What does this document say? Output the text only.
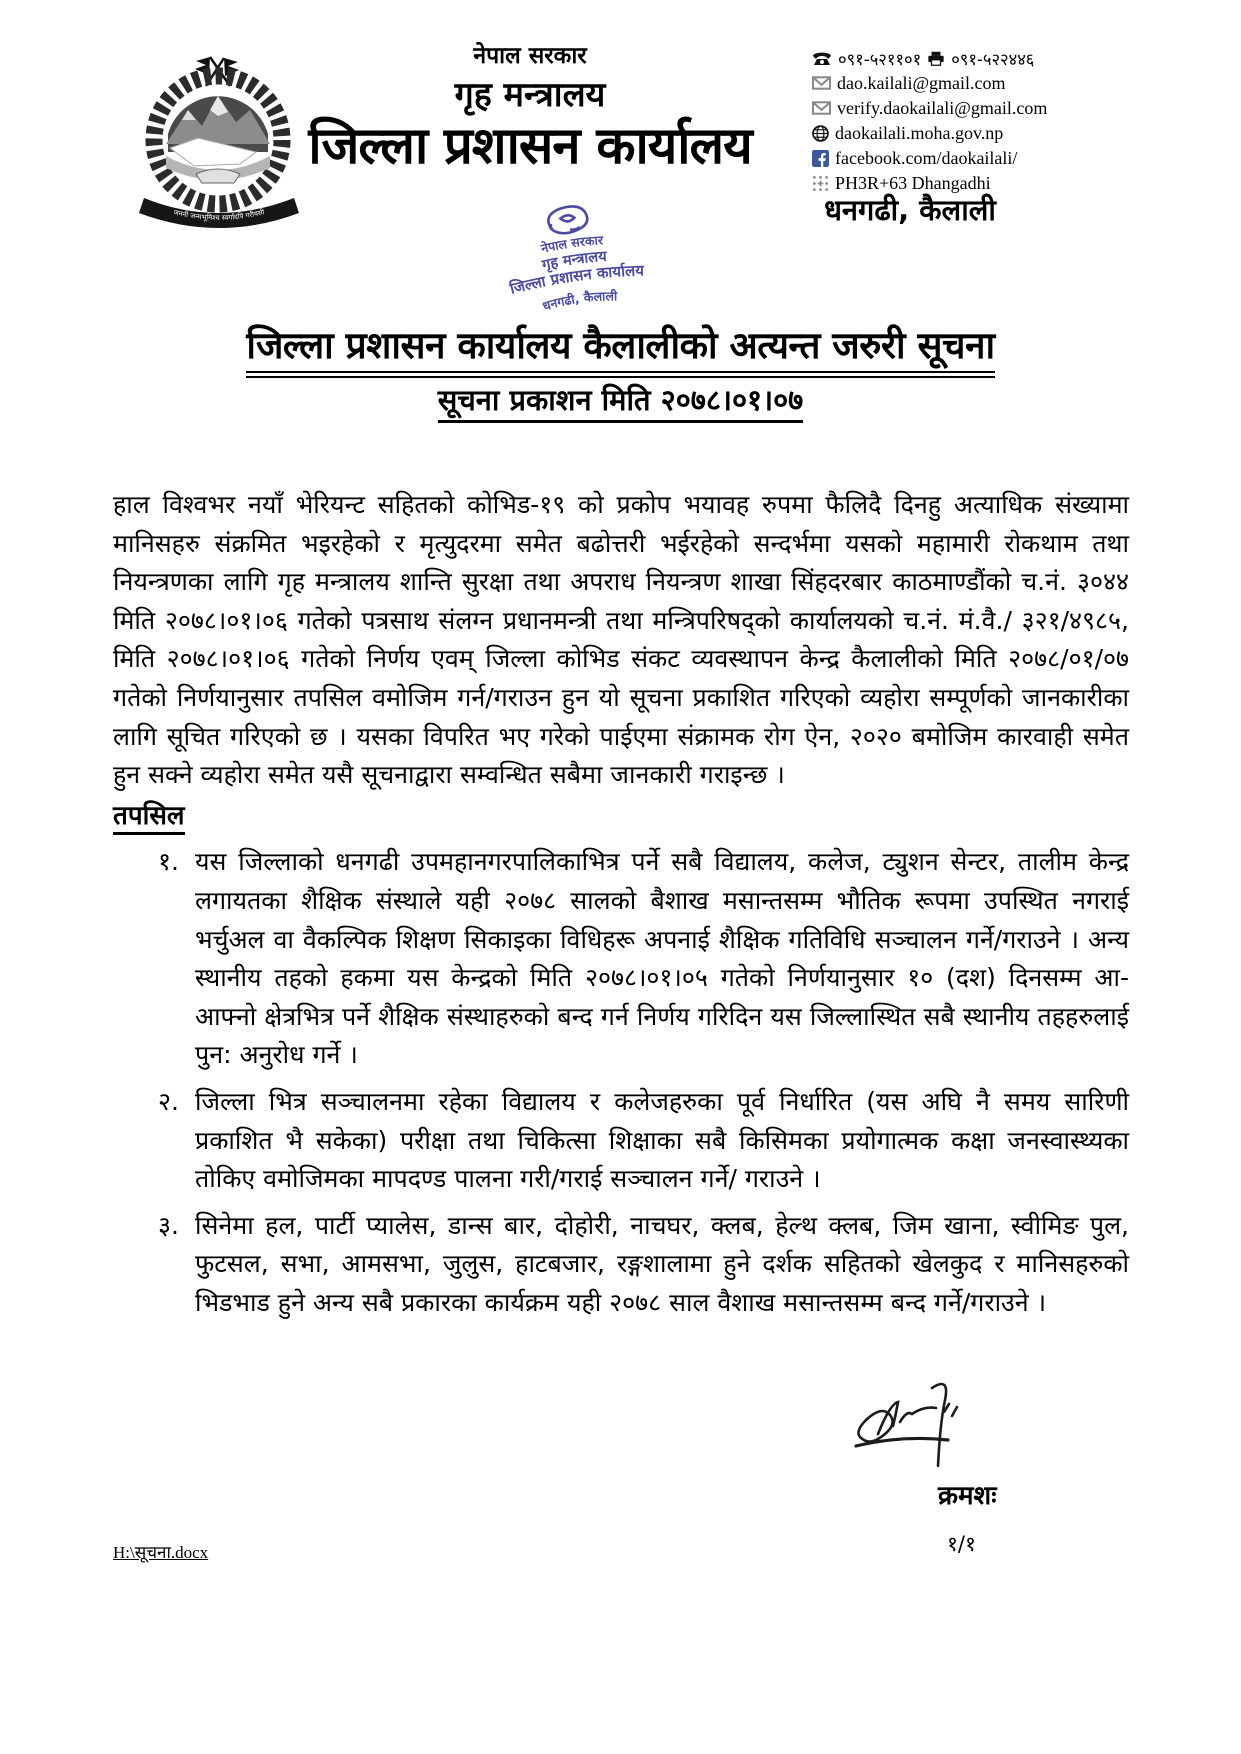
जननी जन्मभूमिश्च स्वर्गादपि गरीयसी
नेपाल सरकार
गृह मन्त्रालय
जिल्ला प्रशासन कार्यालय
०९१-५२११०१ ०९१-५२२४४६
dao.kailali@gmail.com
verify.daokailali@gmail.com
daokailali.moha.gov.np
facebook.com/daokailali/
PH3R+63 Dhangadhi
धनगढी, कैलाली
नेपाल सरकार
गृह मन्त्रालय
जिल्ला प्रशासन कार्यालय
धनगढी, कैलाली
जिल्ला प्रशासन कार्यालय कैलालीको अत्यन्त जरुरी सूचना
सूचना प्रकाशन मिति २०७८।०१।०७

हाल विश्वभर नयाँ भेरियन्ट सहितको कोभिड-१९ को प्रकोप भयावह रुपमा फैलिदै दिनहु अत्याधिक संख्यामा मानिसहरु संक्रमित भइरहेको र मृत्युदरमा समेत बढोत्तरी भईरहेको सन्दर्भमा यसको महामारी रोकथाम तथा नियन्त्रणका लागि गृह मन्त्रालय शान्ति सुरक्षा तथा अपराध नियन्त्रण शाखा सिंहदरबार काठमाण्डौंको च.नं. ३०४४ मिति २०७८।०१।०६ गतेको पत्रसाथ संलग्न प्रधानमन्त्री तथा मन्त्रिपरिषद्को कार्यालयको च.नं. मं.वै./ ३२१/४९८५, मिति २०७८।०१।०६ गतेको निर्णय एवम् जिल्ला कोभिड संकट व्यवस्थापन केन्द्र कैलालीको मिति २०७८/०१/०७ गतेको निर्णयानुसार तपसिल वमोजिम गर्न/गराउन हुन यो सूचना प्रकाशित गरिएको व्यहोरा सम्पूर्णको जानकारीका लागि सूचित गरिएको छ । यसका विपरित भए गरेको पाईएमा संक्रामक रोग ऐन, २०२० बमोजिम कारवाही समेत हुन सक्ने व्यहोरा समेत यसै सूचनाद्वारा सम्वन्धित सबैमा जानकारी गराइन्छ ।

तपसिल
१. यस जिल्लाको धनगढी उपमहानगरपालिकाभित्र पर्ने सबै विद्यालय, कलेज, ट्युशन सेन्टर, तालीम केन्द्र लगायतका शैक्षिक संस्थाले यही २०७८ सालको बैशाख मसान्तसम्म भौतिक रूपमा उपस्थित नगराई भर्चुअल वा वैकल्पिक शिक्षण सिकाइका विधिहरू अपनाई शैक्षिक गतिविधि सञ्चालन गर्ने/गराउने । अन्य स्थानीय तहको हकमा यस केन्द्रको मिति २०७८।०१।०५ गतेको निर्णयानुसार १० (दश) दिनसम्म आ-आफ्नो क्षेत्रभित्र पर्ने शैक्षिक संस्थाहरुको बन्द गर्न निर्णय गरिदिन यस जिल्लास्थित सबै स्थानीय तहहरुलाई पुन: अनुरोध गर्ने ।
२. जिल्ला भित्र सञ्चालनमा रहेका विद्यालय र कलेजहरुका पूर्व निर्धारित (यस अघि नै समय सारिणी प्रकाशित भै सकेका) परीक्षा तथा चिकित्सा शिक्षाका सबै किसिमका प्रयोगात्मक कक्षा जनस्वास्थ्यका तोकिए वमोजिमका मापदण्ड पालना गरी/गराई सञ्चालन गर्ने/ गराउने ।
३. सिनेमा हल, पार्टी प्यालेस, डान्स बार, दोहोरी, नाचघर, क्लब, हेल्थ क्लब, जिम खाना, स्वीमिङ पुल, फुटसल, सभा, आमसभा, जुलुस, हाटबजार, रङ्गशालामा हुने दर्शक सहितको खेलकुद र मानिसहरुको भिडभाड हुने अन्य सबै प्रकारका कार्यक्रम यही २०७८ साल वैशाख मसान्तसम्म बन्द गर्ने/गराउने ।
क्रमशः
H:\सूचना.docx	१/१
